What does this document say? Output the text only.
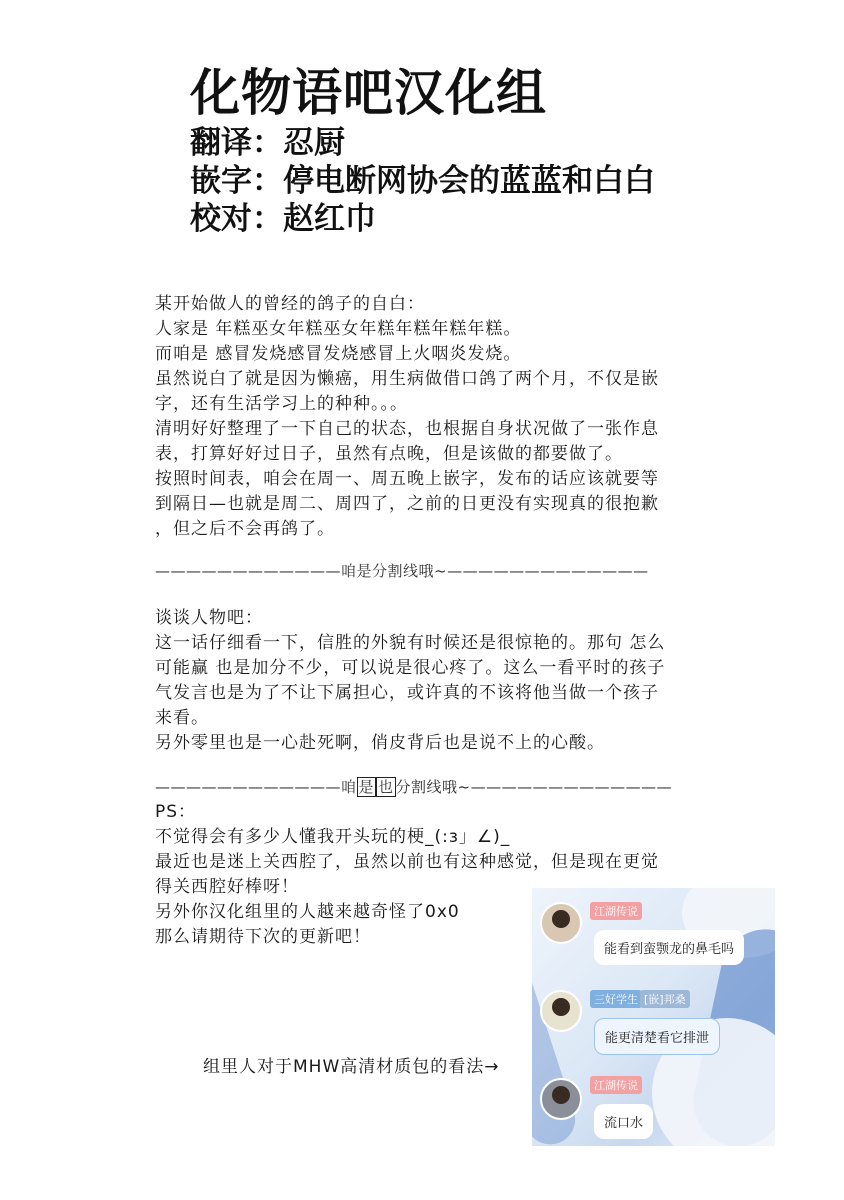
化物语吧汉化组
翻译：忍厨
嵌字：停电断网协会的蓝蓝和白白
校对：赵红巾

某开始做人的曾经的鸽子的自白：

人家是 年糕巫女年糕巫女年糕年糕年糕年糕。

而咱是 感冒发烧感冒发烧感冒上火咽炎发烧。

虽然说白了就是因为懒癌，用生病做借口鸽了两个月，不仅是嵌

字，还有生活学习上的种种。。。

清明好好整理了一下自己的状态，也根据自身状况做了一张作息

表，打算好好过日子，虽然有点晚，但是该做的都要做了。

按照时间表，咱会在周一、周五晚上嵌字，发布的话应该就要等

到隔日—也就是周二、周四了，之前的日更没有实现真的很抱歉

，但之后不会再鸽了。

————————————咱是分割线哦~—————————————

谈谈人物吧：

这一话仔细看一下，信胜的外貌有时候还是很惊艳的。那句 怎么

可能赢 也是加分不少，可以说是很心疼了。这么一看平时的孩子

气发言也是为了不让下属担心，或许真的不该将他当做一个孩子

来看。

另外零里也是一心赴死啊，俏皮背后也是说不上的心酸。

————————————咱 是 也 分割线哦~—————————————

PS：

不觉得会有多少人懂我开头玩的梗_(:з」∠)_

最近也是迷上关西腔了，虽然以前也有这种感觉，但是现在更觉

得关西腔好棒呀！

另外你汉化组里的人越来越奇怪了0x0

那么请期待下次的更新吧！

组里人对于MHW高清材质包的看法→
江湖传说
能看到蛮颚龙的鼻毛吗
三好学生 [嵌]邦桑
能更清楚看它排泄
江湖传说
流口水
